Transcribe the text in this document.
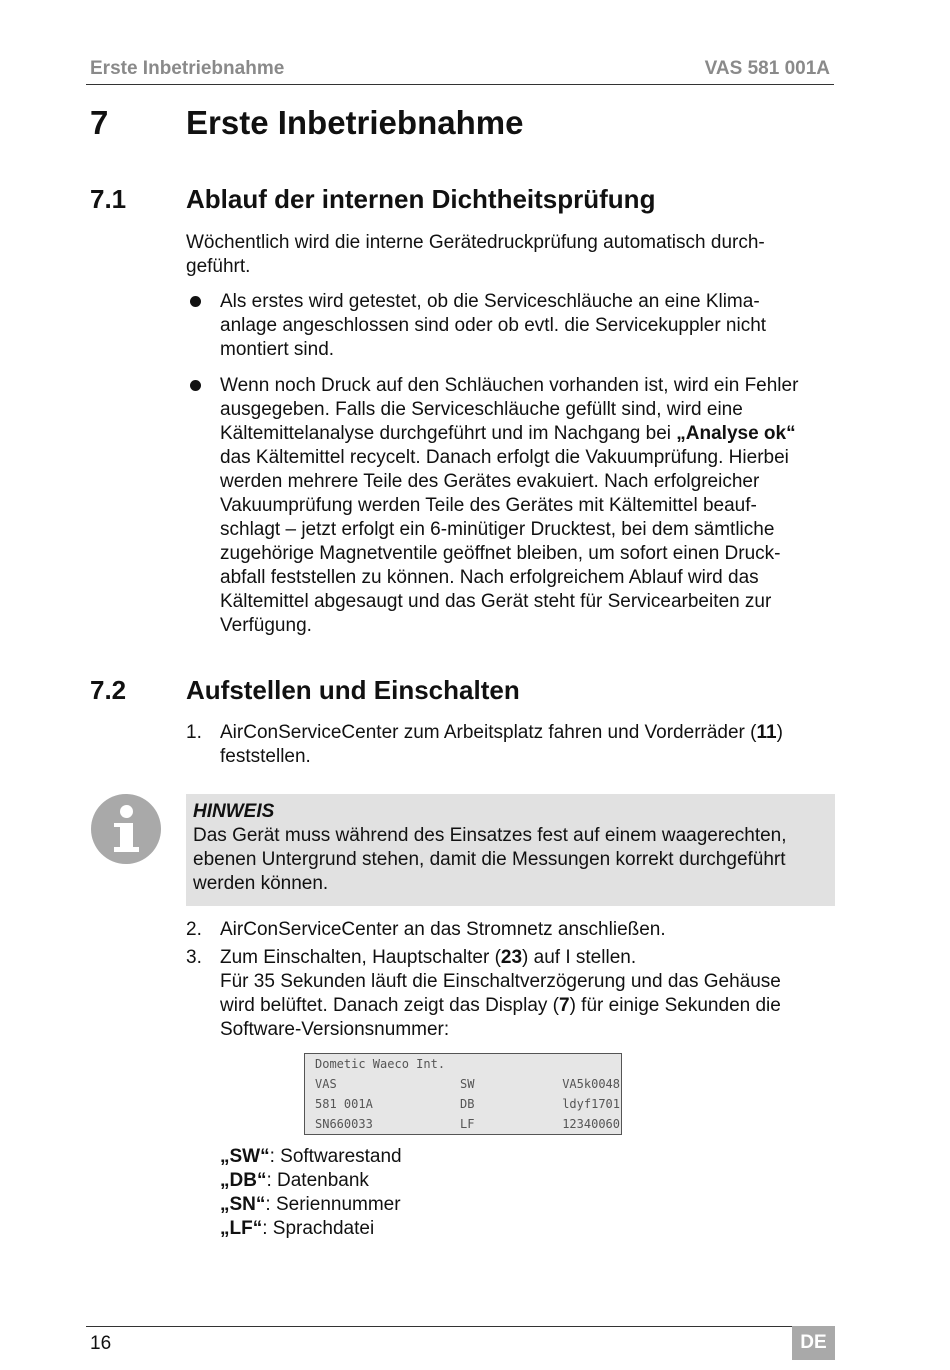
Erste Inbetriebnahme	VAS 581 001A
7 Erste Inbetriebnahme
7.1 Ablauf der internen Dichtheitsprüfung
Wöchentlich wird die interne Gerätedruckprüfung automatisch durch-
geführt.
Als erstes wird getestet, ob die Serviceschläuche an eine Klima-
anlage angeschlossen sind oder ob evtl. die Servicekuppler nicht
montiert sind.
Wenn noch Druck auf den Schläuchen vorhanden ist, wird ein Fehler
ausgegeben. Falls die Serviceschläuche gefüllt sind, wird eine
Kältemittelanalyse durchgeführt und im Nachgang bei „Analyse ok“
das Kältemittel recycelt. Danach erfolgt die Vakuumprüfung. Hierbei
werden mehrere Teile des Gerätes evakuiert. Nach erfolgreicher
Vakuumprüfung werden Teile des Gerätes mit Kältemittel beauf-
schlagt – jetzt erfolgt ein 6-minütiger Drucktest, bei dem sämtliche
zugehörige Magnetventile geöffnet bleiben, um sofort einen Druck-
abfall feststellen zu können. Nach erfolgreichem Ablauf wird das
Kältemittel abgesaugt und das Gerät steht für Servicearbeiten zur
Verfügung.
7.2 Aufstellen und Einschalten
1. AirConServiceCenter zum Arbeitsplatz fahren und Vorderräder (11)
feststellen.
HINWEIS
Das Gerät muss während des Einsatzes fest auf einem waagerechten,
ebenen Untergrund stehen, damit die Messungen korrekt durchgeführt
werden können.
2. AirConServiceCenter an das Stromnetz anschließen.
3. Zum Einschalten, Hauptschalter (23) auf I stellen.
Für 35 Sekunden läuft die Einschaltverzögerung und das Gehäuse
wird belüftet. Danach zeigt das Display (7) für einige Sekunden die
Software-Versionsnummer:
Dometic Waeco Int.
VAS	SW	VA5k0048
581 001A	DB	ldyf1701
SN660033	LF	12340060
„SW“: Softwarestand
„DB“: Datenbank
„SN“: Seriennummer
„LF“: Sprachdatei
16	DE
